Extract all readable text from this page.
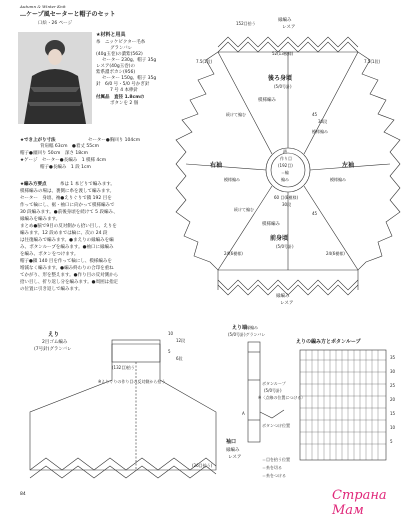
Autumn & Winter Knit
…ケープ風セーターと帽子のセット
口絵・26 ページ
★材料と用具
糸　ニッケビクター毛糸
グランバレ
(40g玉巻)の濃紫(562)
セーター 230g、帽子 35g
レスア(40g玉巻)の
紫系濃ボカシ(956)
セーター 150g、帽子 35g
針　6/0 号・5/0 号かぎ針
7 号 4 本棒針
付属品　直径 1.8cmの
ボタンを 2 個
★でき上がり寸法	セーター●胸回り 104cm
背肩幅 63cm　●着丈 55cm
帽子●頭回り 50cm　深さ 18cm
★ゲージ　セーター●長編み　1 模様 4cm
帽子●長編み　1 段 1cm
★編み方要点	糸は 1 本どりで編みます。
模様編みの場は、裏側に糸を渡して編みます。
セーター　身頃、袖●えりぐりで鎖 192 目を
作って輪にし、裾・袖口に向かって模様編みで
30 段編みます。●前後身頃を続けて 5 段編み、
縁編みを編みます。
まとめ●脇で9目の反対側から拾い目し、えりを
編みます。12 段めまでは輪に、次の 24 段
は往復編みで編みます。●まえりの縁編みを編
み、ボタンループを編みます。●袖口に縁編み
を編み、ボタンをつけます。
帽子●鎖 140 目を作って輪にし、模様編みを
増減なく編みます。●編み終わりの合印を重ね
てかがり、形を整えます。●作り目の反対側から
拾い目し、折り返し分を編みます。●周囲は指定
の位置に引き返しで編みます。
縁編み
レスア
152目拾う
7.5(1段)	7.5(1段)
52(13模様)
後ろ身頃
(5/0号針)
模様編み
続けて編む	45
30段
模様編み
鎖
作り目
(192目)
＝輪
編み
右袖	左袖
模様編み	模様編み
60 目(8模様)
30段
続けて編む
45
模様編み
前身頃
(5/0号針)
24(6模様)	24(6模様)
縁編み
レスア
えり
2目ゴム編み
(7号針)グランバレ
10
12段
5
6段
(132目)拾う
※えりぐりの作り目の反対側から拾う
袖口
縁編み
レスア
(26目拾う)
えり端
縁編み
(5/0号針)グランバレ
ボタンループ
(5/0号針)
※〈点線の位置につける〉
ボタンつけ位置
A
えりの編み方とボタンループ
35
30
25
20
15
10
5
＝目を拾う位置
＝糸を切る
＝糸をつける
84	Страна Мам
